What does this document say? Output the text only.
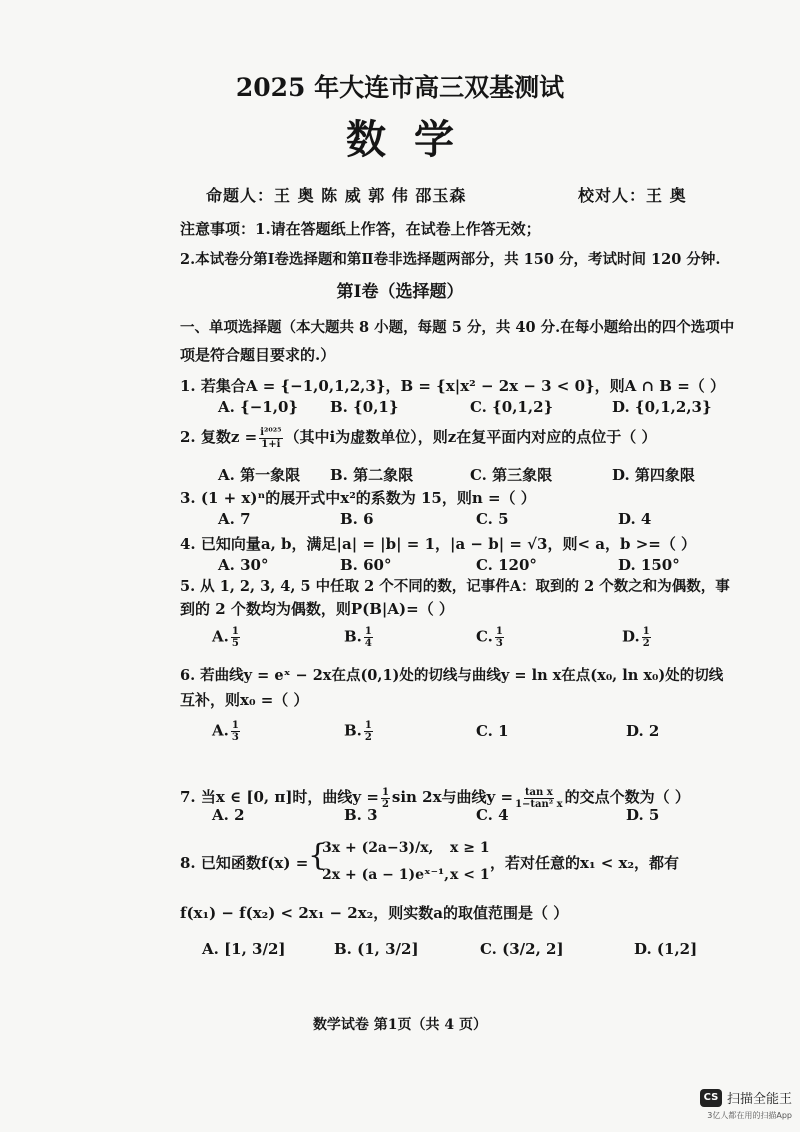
2025 年大连市高三双基测试
数学
命题人：王 奥 陈 威 郭 伟 邵玉森	校对人：王 奥
注意事项：1.请在答题纸上作答，在试卷上作答无效；
2.本试卷分第Ⅰ卷选择题和第Ⅱ卷非选择题两部分，共 150 分，考试时间 120 分钟.
第Ⅰ卷（选择题）
一、单项选择题（本大题共 8 小题，每题 5 分，共 40 分.在每小题给出的四个选项中
项是符合题目要求的.）
1. 若集合A = {−1,0,1,2,3}，B = {x|x² − 2x − 3 < 0}，则A ∩ B =（ ）
A. {−1,0} B. {0,1}	C. {0,1,2}	D. {0,1,2,3}
2. 复数$z = \frac{\text{i²⁰²⁵}}{1+i}$ （其中i为虚数单位），则z在复平面内对应的点位于（ ）
A. 第一象限 B. 第二象限	C. 第三象限	D. 第四象限
3. (1 + x)ⁿ的展开式中x²的系数为 15，则n =（ ）
A. 7	B. 6	C. 5	D. 4
4. 已知向量a, b，满足|a| = |b| = 1，|a − b| = √3，则< a，b >=（ ）
A. 30°	B. 60°	C. 120°	D. 150°
5. 从 1, 2, 3, 4, 5 中任取 2 个不同的数，记事件A：取到的 2 个数之和为偶数，事
到的 2 个数均为偶数，则P(B|A)=（ ）
A. $\frac{1}{5}$	B. $\frac{1}{4}$	C. $\frac{1}{3}$	D. $\frac{1}{2}$
6. 若曲线y = eˣ − 2x在点(0,1)处的切线与曲线y = ln x在点(x₀, ln x₀)处的切线
互补，则x₀ =（ ）
A. $\frac{1}{3}$	B. $\frac{1}{2}$	C. 1	D. 2
7. 当x ∈ [0, π]时，曲线$y = \frac{1}{2}$ sin 2x与曲线$y = \frac{\text{tan x}}{\text{1−tan² x}}$ 的交点个数为（ ）
A. 2	B. 3	C. 4	D. 5
8. 已知函数f(x) = {
3x + (2a−3)/x, x ≥ 1
2x + (a − 1)eˣ⁻¹, x < 1
，若对任意的x₁ < x₂，都有
f(x₁) − f(x₂) < 2x₁ − 2x₂，则实数a的取值范围是（ ）
A. [1, 3/2]	B. (1, 3/2]	C. (3/2, 2]	D. (1,2]
数学试卷 第1页（共 4 页）
CS 扫描全能王
3亿人都在用的扫描App
